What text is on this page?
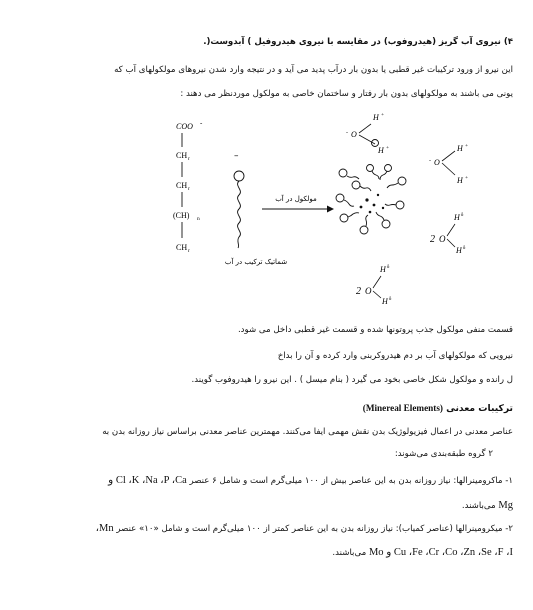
۴) نیروی آب گریز (هیدروفوب) در مقایسه با نیروی هیدروفیل ) آبدوست(.
این نیرو از ورود ترکیبات غیر قطبی یا بدون بار درآب پدید می آید و در نتیجه وارد شدن نیروهای مولکولهای آب که
یونی می باشند به مولکولهای بدون بار رفتار و ساختمان خاصی به مولکول موردنظر می دهند :
COO -
CH r
CH r
(CH) n
CH r
–
مولکول در آب
شماتیک ترکیب در آب
O
-
H +
H +
O
-
H +
H +
2 O
H δ
H δ
2 O
H δ
H δ
قسمت منفی مولکول جذب پروتونها شده و قسمت غیر قطبی داخل می شود.
نیرویی که مولکولهای آب بر دم هیدروکربنی وارد کرده و آن را بداخ
ل رانده و مولکول شکل خاصی بخود می گیرد ( بنام میسل ) . این نیرو را هیدروفوب گویند.
ترکیبات معدنی (Minereal Elements)
عناصر معدنی در اعمال فیزیولوژیک بدن نقش مهمی ایفا می‌کنند. مهمترین عناصر معدنی براساس نیاز روزانه بدن به
۲ گروه طبقه‌بندی می‌شوند:
۱- ماکرومینرالها: نیاز روزانه بدن به این عناصر بیش از ۱۰۰ میلی‌گرم است و شامل ۶ عنصر Cl ،K ،Na ،P ،Ca و
Mg می‌باشند.
۲- میکرومینرالها (عناصر کمیاب): نیاز روزانه بدن به این عناصر کمتر از ۱۰۰ میلی‌گرم است و شامل «۱۰» عنصر Mn،
Cu ،Fe ،Cr ،Co ،Zn ،Se ،F ،I و Mo می‌باشند.
